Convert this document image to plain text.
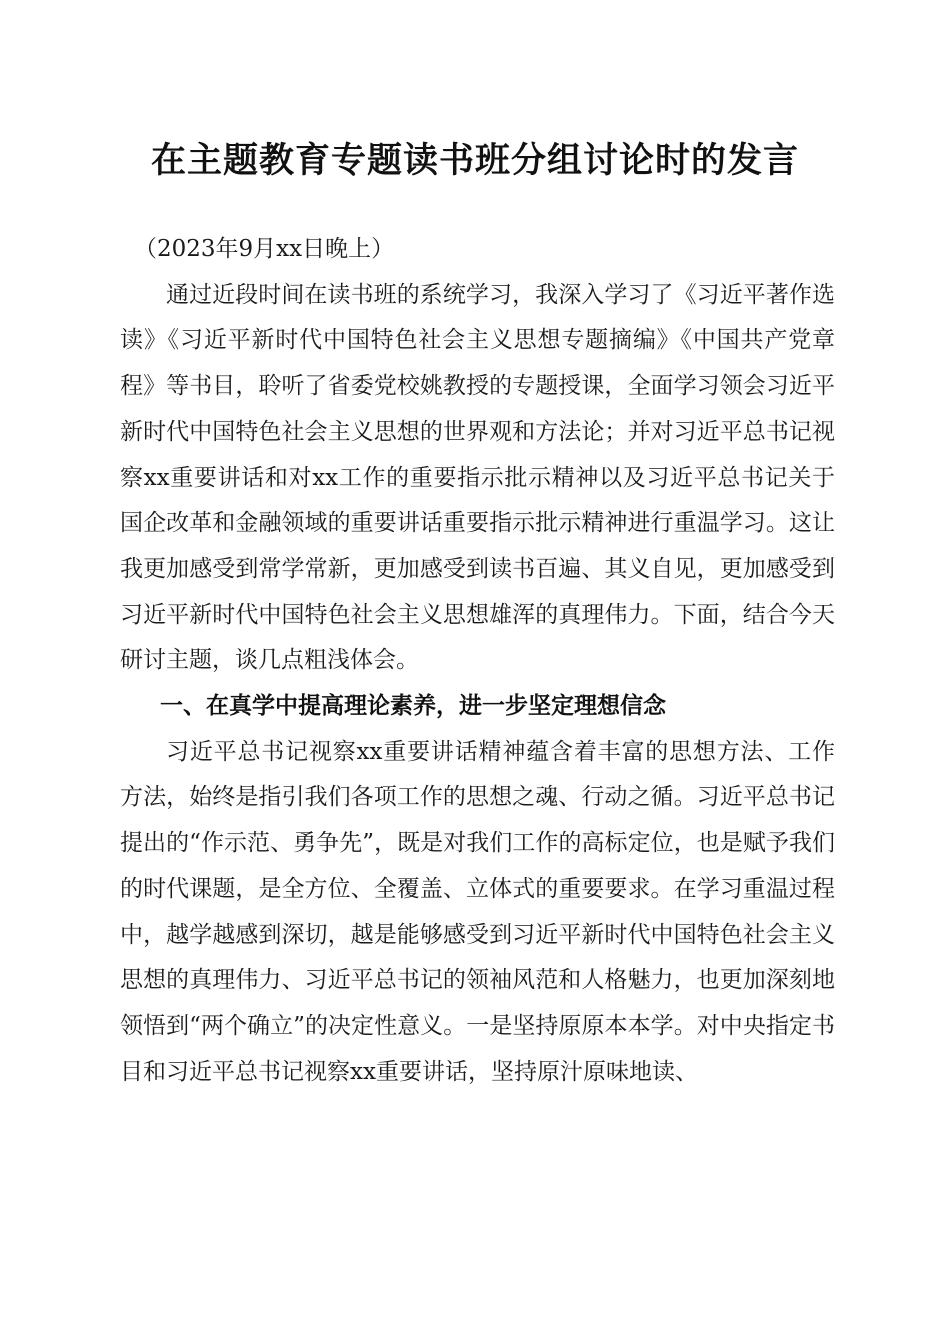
在主题教育专题读书班分组讨论时的发言

（2023年9月xx日晚上）

通过近段时间在读书班的系统学习，我深入学习了《习近平著作选读》《习近平新时代中国特色社会主义思想专题摘编》《中国共产党章程》等书目，聆听了省委党校姚教授的专题授课，全面学习领会习近平新时代中国特色社会主义思想的世界观和方法论；并对习近平总书记视察xx重要讲话和对xx工作的重要指示批示精神以及习近平总书记关于国企改革和金融领域的重要讲话重要指示批示精神进行重温学习。这让我更加感受到常学常新，更加感受到读书百遍、其义自见，更加感受到习近平新时代中国特色社会主义思想雄浑的真理伟力。下面，结合今天研讨主题，谈几点粗浅体会。

一、在真学中提高理论素养，进一步坚定理想信念

习近平总书记视察xx重要讲话精神蕴含着丰富的思想方法、工作方法，始终是指引我们各项工作的思想之魂、行动之循。习近平总书记提出的“作示范、勇争先”，既是对我们工作的高标定位，也是赋予我们的时代课题，是全方位、全覆盖、立体式的重要要求。在学习重温过程中，越学越感到深切，越是能够感受到习近平新时代中国特色社会主义思想的真理伟力、习近平总书记的领袖风范和人格魅力，也更加深刻地领悟到“两个确立”的决定性意义。一是坚持原原本本学。对中央指定书目和习近平总书记视察xx重要讲话，坚持原汁原味地读、
